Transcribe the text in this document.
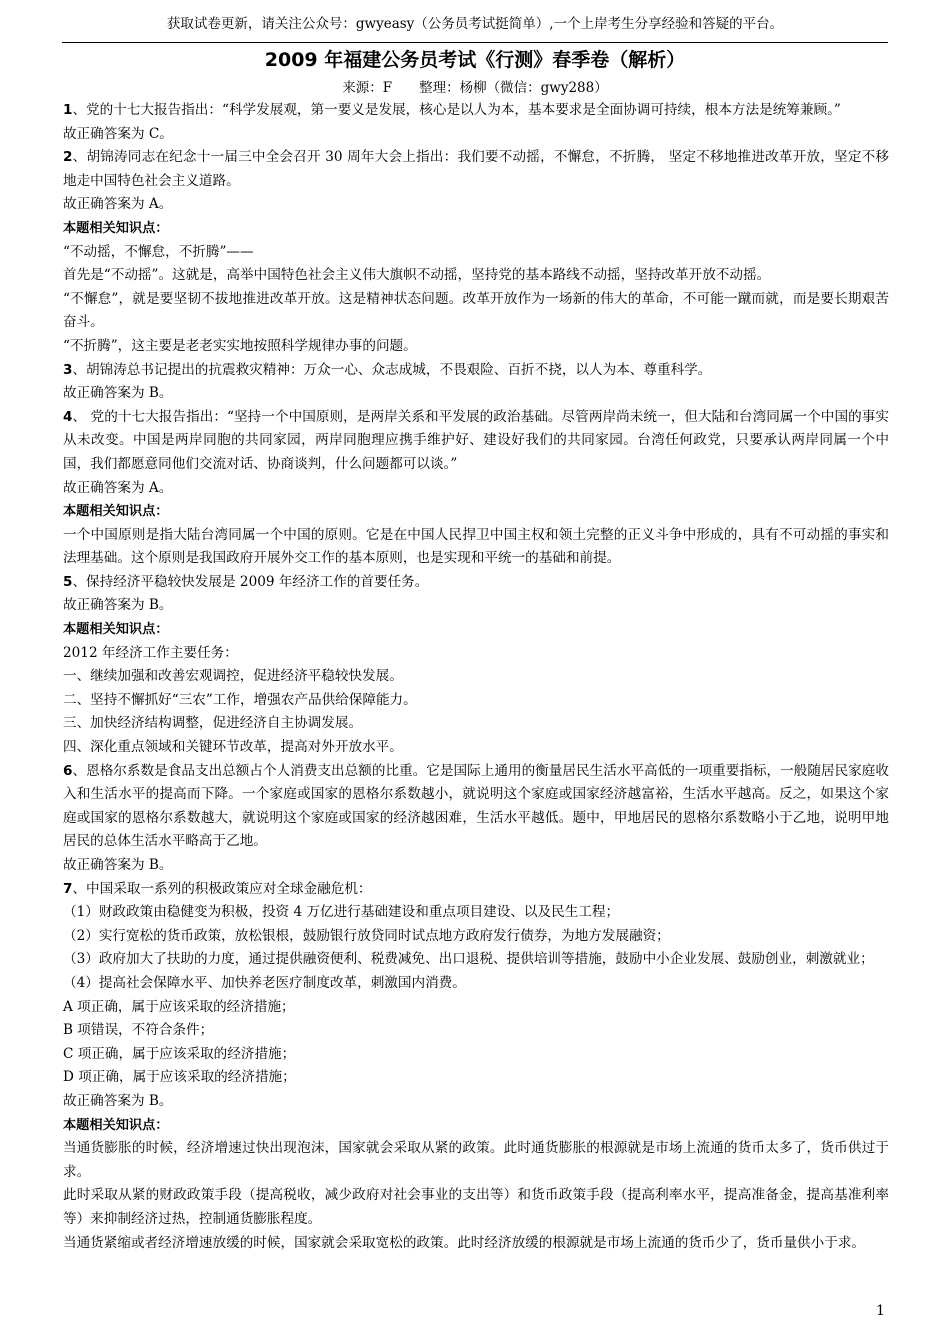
获取试卷更新，请关注公众号：gwyeasy（公务员考试挺简单）,一个上岸考生分享经验和答疑的平台。
2009 年福建公务员考试《行测》春季卷（解析）
来源：F　　整理：杨柳（微信：gwy288）

1、党的十七大报告指出：“科学发展观，第一要义是发展，核心是以人为本，基本要求是全面协调可持续，根本方法是统筹兼顾。”

故正确答案为 C。

2、胡锦涛同志在纪念十一届三中全会召开 30 周年大会上指出：我们要不动摇，不懈怠，不折腾， 坚定不移地推进改革开放，坚定不移地走中国特色社会主义道路。

故正确答案为 A。

本题相关知识点：

“不动摇，不懈怠，不折腾”——

首先是“不动摇”。这就是，高举中国特色社会主义伟大旗帜不动摇，坚持党的基本路线不动摇，坚持改革开放不动摇。

“不懈怠”，就是要坚韧不拔地推进改革开放。这是精神状态问题。改革开放作为一场新的伟大的革命，不可能一蹴而就，而是要长期艰苦奋斗。

“不折腾”，这主要是老老实实地按照科学规律办事的问题。

3、胡锦涛总书记提出的抗震救灾精神：万众一心、众志成城，不畏艰险、百折不挠，以人为本、尊重科学。

故正确答案为 B。

4、 党的十七大报告指出：“坚持一个中国原则，是两岸关系和平发展的政治基础。尽管两岸尚未统一，但大陆和台湾同属一个中国的事实从未改变。中国是两岸同胞的共同家园，两岸同胞理应携手维护好、建设好我们的共同家园。台湾任何政党，只要承认两岸同属一个中国，我们都愿意同他们交流对话、协商谈判，什么问题都可以谈。”

故正确答案为 A。

本题相关知识点：

一个中国原则是指大陆台湾同属一个中国的原则。它是在中国人民捍卫中国主权和领土完整的正义斗争中形成的，具有不可动摇的事实和法理基础。这个原则是我国政府开展外交工作的基本原则，也是实现和平统一的基础和前提。

5、保持经济平稳较快发展是 2009 年经济工作的首要任务。

故正确答案为 B。

本题相关知识点：

2012 年经济工作主要任务：

一、继续加强和改善宏观调控，促进经济平稳较快发展。

二、坚持不懈抓好“三农”工作，增强农产品供给保障能力。

三、加快经济结构调整，促进经济自主协调发展。

四、深化重点领域和关键环节改革，提高对外开放水平。

6、恩格尔系数是食品支出总额占个人消费支出总额的比重。它是国际上通用的衡量居民生活水平高低的一项重要指标，一般随居民家庭收入和生活水平的提高而下降。一个家庭或国家的恩格尔系数越小，就说明这个家庭或国家经济越富裕，生活水平越高。反之，如果这个家庭或国家的恩格尔系数越大，就说明这个家庭或国家的经济越困难，生活水平越低。题中，甲地居民的恩格尔系数略小于乙地，说明甲地居民的总体生活水平略高于乙地。

故正确答案为 B。

7、中国采取一系列的积极政策应对全球金融危机：

（1）财政政策由稳健变为积极，投资 4 万亿进行基础建设和重点项目建设、以及民生工程；

（2）实行宽松的货币政策，放松银根，鼓励银行放贷同时试点地方政府发行债券，为地方发展融资；

（3）政府加大了扶助的力度，通过提供融资便利、税费减免、出口退税、提供培训等措施，鼓励中小企业发展、鼓励创业，刺激就业；

（4）提高社会保障水平、加快养老医疗制度改革，刺激国内消费。

A 项正确，属于应该采取的经济措施；

B 项错误，不符合条件；

C 项正确，属于应该采取的经济措施；

D 项正确，属于应该采取的经济措施；

故正确答案为 B。

本题相关知识点：

当通货膨胀的时候，经济增速过快出现泡沫，国家就会采取从紧的政策。此时通货膨胀的根源就是市场上流通的货币太多了，货币供过于求。

此时采取从紧的财政政策手段（提高税收，减少政府对社会事业的支出等）和货币政策手段（提高利率水平，提高准备金，提高基准利率等）来抑制经济过热，控制通货膨胀程度。

当通货紧缩或者经济增速放缓的时候，国家就会采取宽松的政策。此时经济放缓的根源就是市场上流通的货币少了，货币量供小于求。

1
